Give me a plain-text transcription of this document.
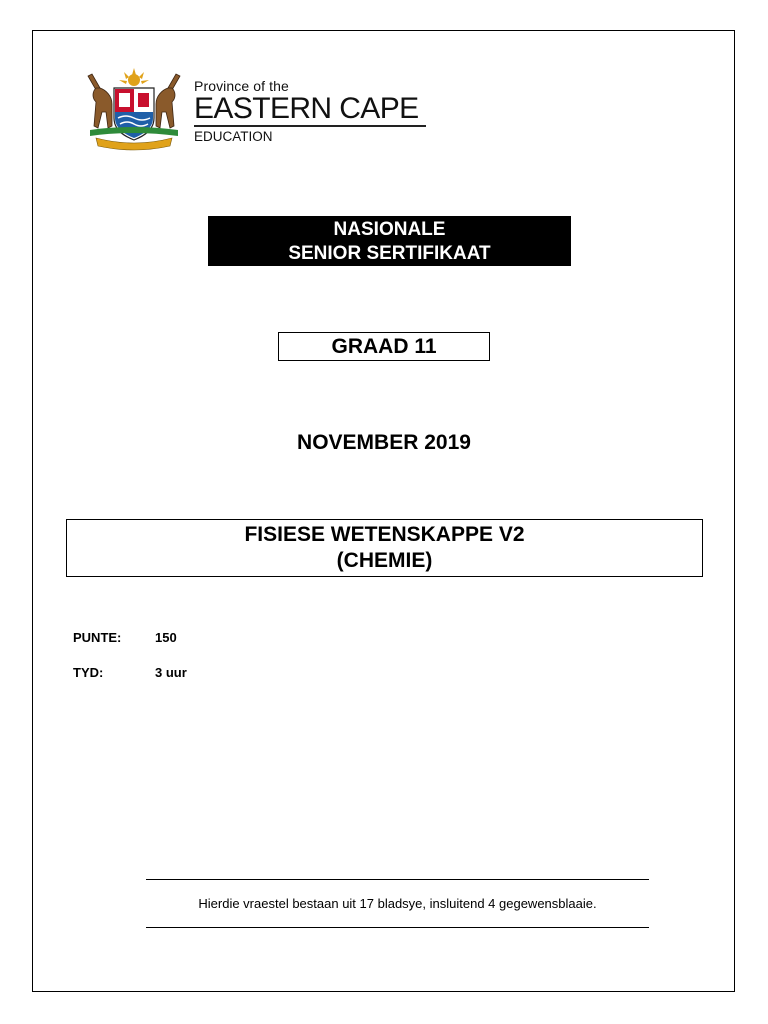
Province of the
EASTERN CAPE
EDUCATION
NASIONALE
SENIOR SERTIFIKAAT
GRAAD 11
NOVEMBER 2019
FISIESE WETENSKAPPE V2
(CHEMIE)
PUNTE:	150
TYD:	3 uur
Hierdie vraestel bestaan uit 17 bladsye, insluitend 4 gegewensblaaie.
